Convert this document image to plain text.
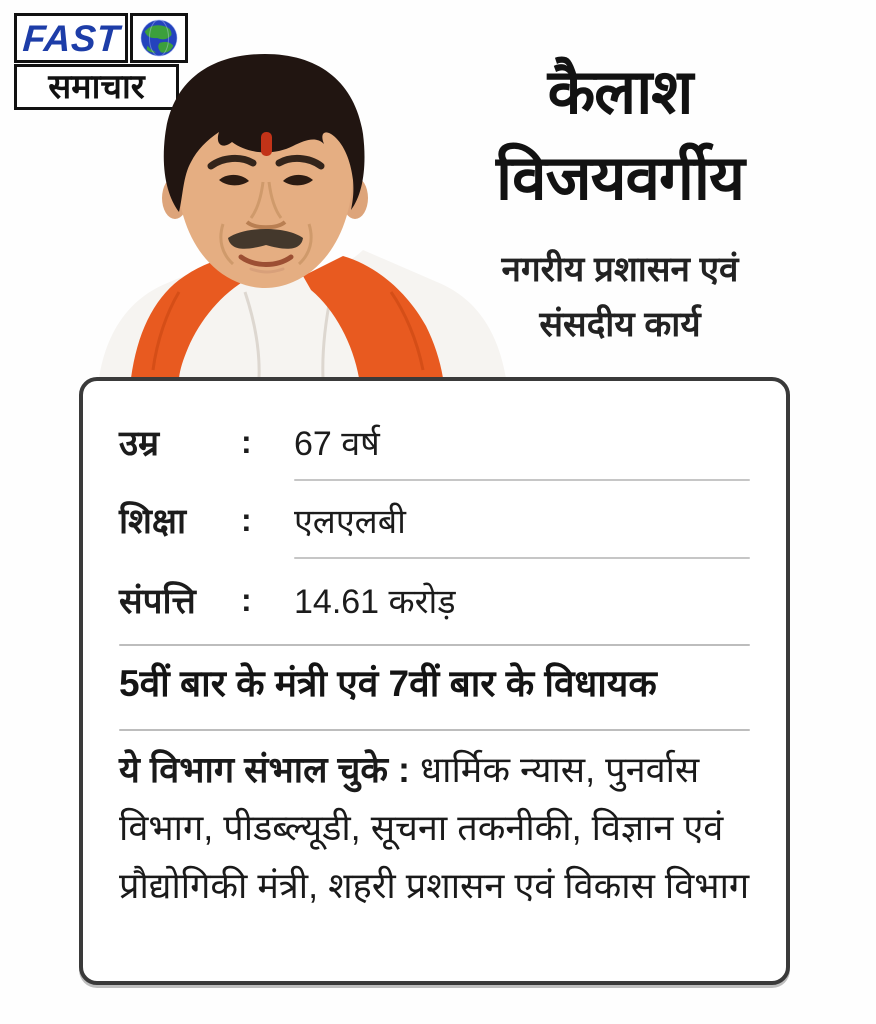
FAST
समाचार	कैलाश
विजयवर्गीय
नगरीय प्रशासन एवं
संसदीय कार्य
उम्र	:	67 वर्ष
शिक्षा	:	एलएलबी
संपत्ति	:	14.61 करोड़
5वीं बार के मंत्री एवं 7वीं बार के विधायक

ये विभाग संभाल चुके : धार्मिक न्यास, पुनर्वास विभाग, पीडब्ल्यूडी, सूचना तकनीकी, विज्ञान एवं प्रौद्योगिकी मंत्री, शहरी प्रशासन एवं विकास विभाग
